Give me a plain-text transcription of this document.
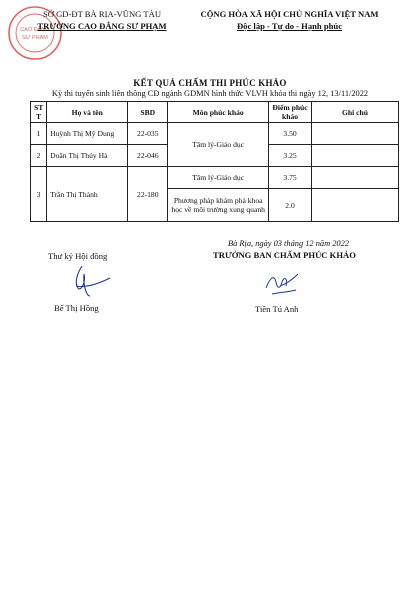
CAO ĐẲNG
SƯ PHẠM
SỞ GD-ĐT BÀ RỊA-VŨNG TÀU
TRƯỜNG CAO ĐẲNG SƯ PHẠM
CỘNG HÒA XÃ HỘI CHỦ NGHĨA VIỆT NAM
Độc lập - Tự do - Hạnh phúc
KẾT QUẢ CHẤM THI PHÚC KHẢO
Kỳ thi tuyển sinh liên thông CĐ ngành GDMN hình thức VLVH khóa thi ngày 12, 13/11/2022
ST T	Họ và tên	SBD	Môn phúc khảo	Điểm phúc khảo	Ghi chú
1	Huỳnh Thị Mỹ Dung	22-035	Tâm lý-Giáo dục	3.50	
2	Doãn Thị Thúy Hà	22-046		3.25	
3	Trần Thị Thành	22-180	Tâm lý-Giáo dục	3.75	
			Phương pháp khám phá khoa học về môi trường xung quanh	2.0	
Bà Rịa, ngày 03 tháng 12 năm 2022
Thư ký Hội đồng	TRƯỞNG BAN CHẤM PHÚC KHẢO
Bế Thị Hồng	Tiền Tú Anh
